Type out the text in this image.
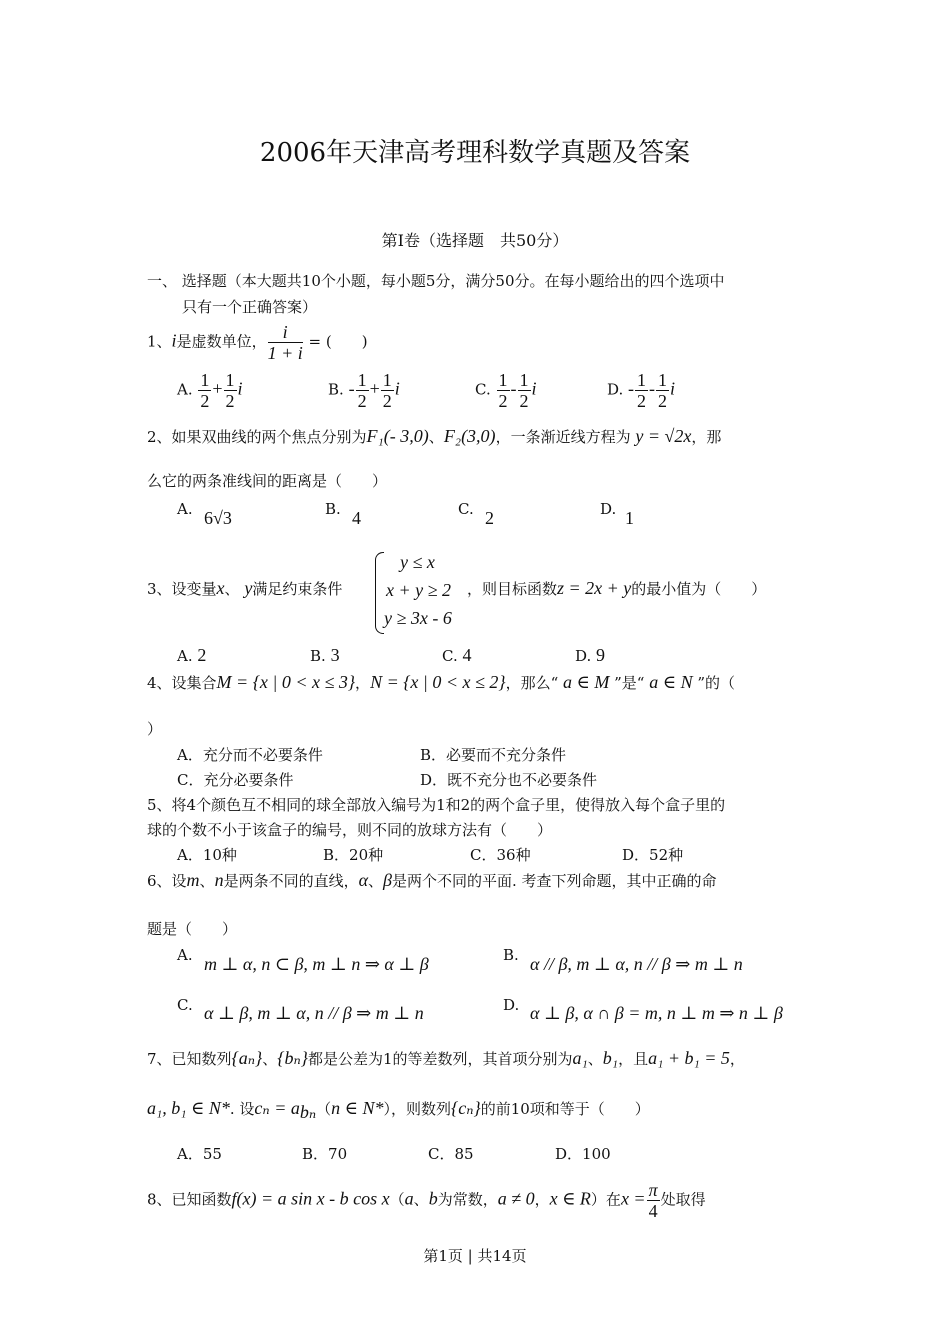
2006年天津高考理科数学真题及答案
第Ⅰ卷（选择题　共50分）
一、 选择题（本大题共10个小题，每小题5分，满分50分。在每小题给出的四个选项中
只有一个正确答案）
1、i是虚数单位， $\frac{i}{1 + i}$ = (　　)
A. $\frac{1}{2} + \frac{1}{2}$ i	B. - $\frac{1}{2} + \frac{1}{2}$ i	C. $\frac{1}{2} - \frac{1}{2}$ i	D. - $\frac{1}{2} - \frac{1}{2}$ i
2、如果双曲线的两个焦点分别为F₁(- 3,0)、F₂(3,0)，一条渐近线方程为 y = √2x，那
么它的两条准线间的距离是（　　）
A. 6√3	B. 4	C. 2	D. 1
3、设变量x、 y满足约束条件
y ≤ x
x + y ≥ 2
y ≥ 3x - 6
，则目标函数z = 2x + y的最小值为（　　）
A. 2	B. 3	C. 4	D. 9
4、设集合M = {x | 0 < x ≤ 3}，N = {x | 0 < x ≤ 2}，那么“ a ∈ M ”是“ a ∈ N ”的（
）
A．充分而不必要条件	B．必要而不充分条件
C．充分必要条件	D．既不充分也不必要条件
5、将4个颜色互不相同的球全部放入编号为1和2的两个盒子里，使得放入每个盒子里的
球的个数不小于该盒子的编号，则不同的放球方法有（　　）
A．10种	B．20种	C．36种	D．52种
6、设m、n是两条不同的直线，α、β是两个不同的平面. 考查下列命题，其中正确的命
题是（　　）
A. m ⊥ α, n ⊂ β, m ⊥ n ⇒ α ⊥ β	B. α // β, m ⊥ α, n // β ⇒ m ⊥ n
C. α ⊥ β, m ⊥ α, n // β ⇒ m ⊥ n	D. α ⊥ β, α ∩ β = m, n ⊥ m ⇒ n ⊥ β
7、已知数列{aₙ}、{bₙ}都是公差为1的等差数列，其首项分别为a₁、b₁，且a₁ + b₁ = 5，
a₁, b₁ ∈ N*. 设$c_n = a_{b_n}(n$ ∈ N*），则数列{cₙ}的前10项和等于（　　）
A．55	B．70	C．85	D．100
8、已知函数f(x) = a sin x - b cos x（a、b为常数，a ≠ 0，x ∈ R）在$x = \frac{\pi}{4}$ 处取得
第1页 | 共14页
